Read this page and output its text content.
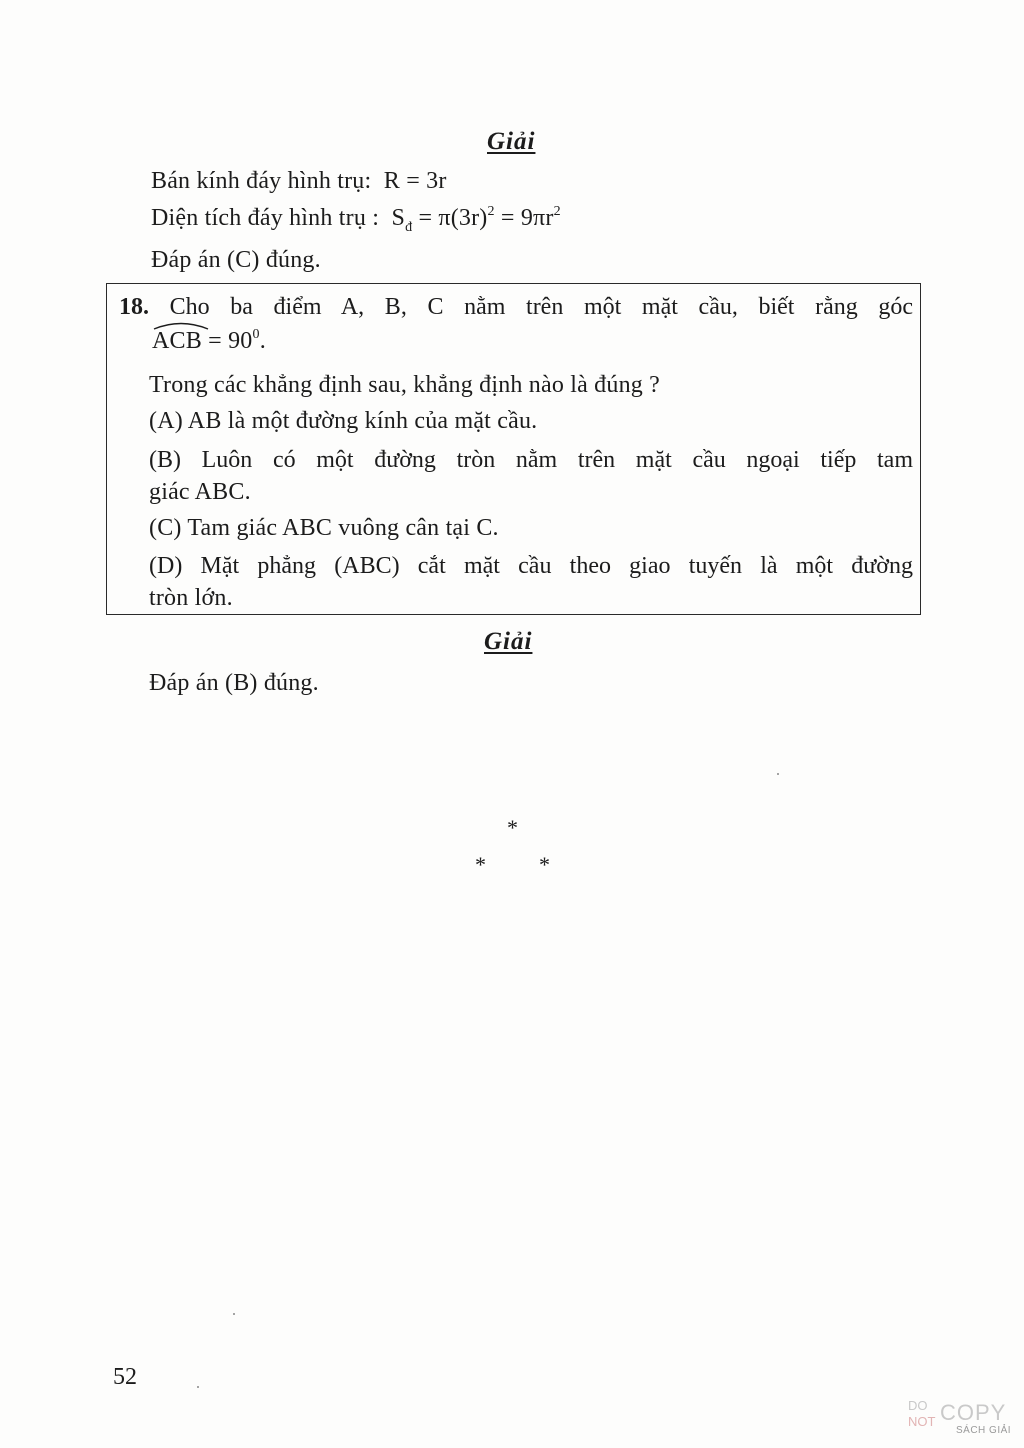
Giải
Bán kính đáy hình trụ: R = 3r
Diện tích đáy hình trụ : $S_đ = \pi(3r)^2 = 9\pi r^2$
Đáp án (C) đúng.
18. Cho ba điểm A, B, C nằm trên một mặt cầu, biết rằng góc
ACB = $90^0$.
Trong các khẳng định sau, khẳng định nào là đúng ?
(A) AB là một đường kính của mặt cầu.
(B) Luôn có một đường tròn nằm trên mặt cầu ngoại tiếp tam
giác ABC.
(C) Tam giác ABC vuông cân tại C.
(D) Mặt phẳng (ABC) cắt mặt cầu theo giao tuyến là một đường
tròn lớn.
Giải
Đáp án (B) đúng.
*
* *
52
DO
NOT COPY
SÁCH GIẢI
